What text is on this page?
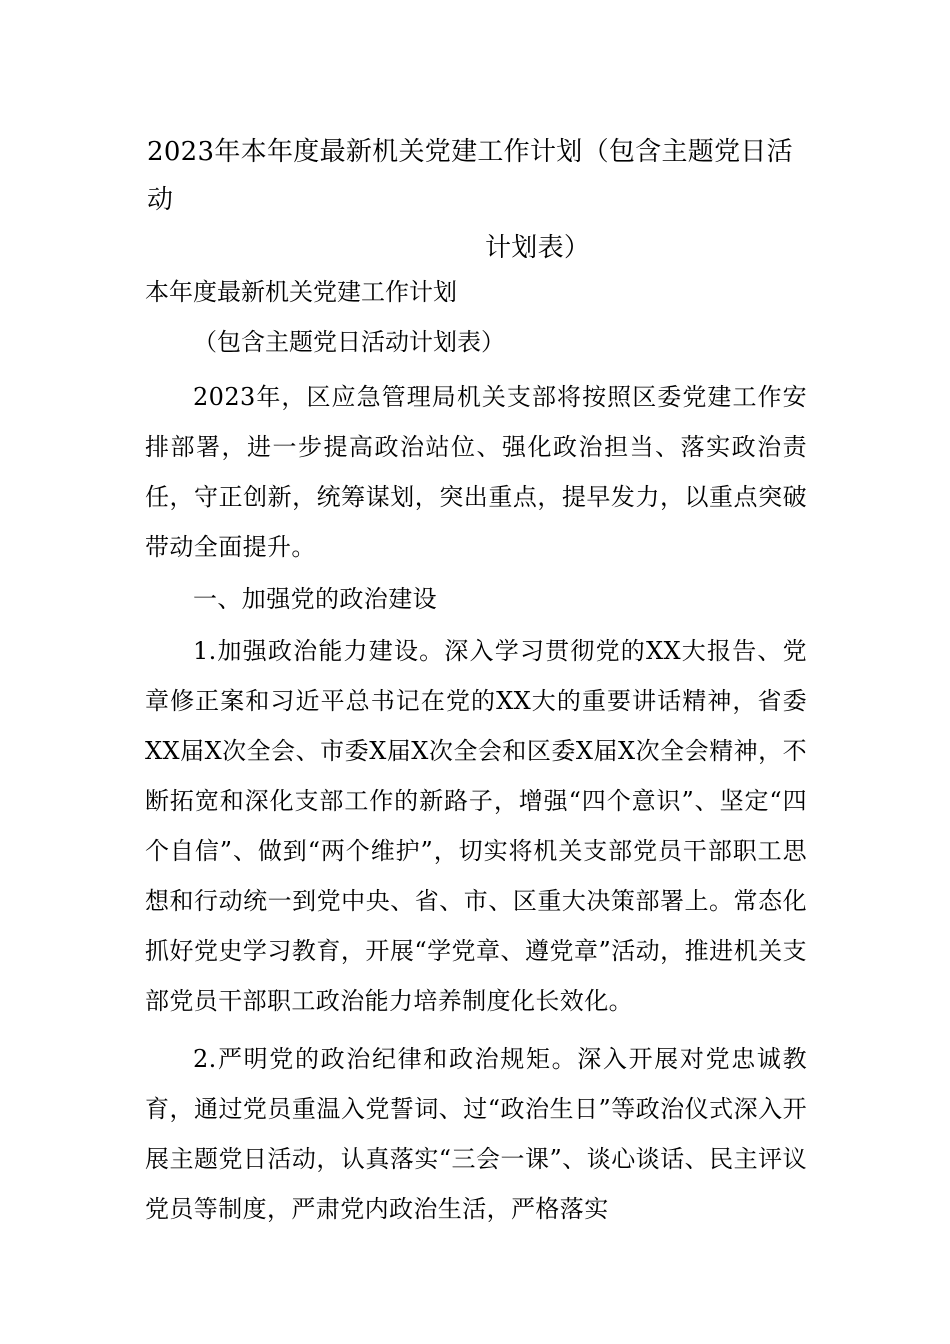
2023年本年度最新机关党建工作计划（包含主题党日活动
计划表）

本年度最新机关党建工作计划

（包含主题党日活动计划表）

2023年，区应急管理局机关支部将按照区委党建工作安排部署，进一步提高政治站位、强化政治担当、落实政治责任，守正创新，统筹谋划，突出重点，提早发力，以重点突破带动全面提升。

一、加强党的政治建设

1.加强政治能力建设。深入学习贯彻党的XX大报告、党章修正案和习近平总书记在党的XX大的重要讲话精神，省委XX届X次全会、市委X届X次全会和区委X届X次全会精神，不断拓宽和深化支部工作的新路子，增强“四个意识”、坚定“四个自信”、做到“两个维护”，切实将机关支部党员干部职工思想和行动统一到党中央、省、市、区重大决策部署上。常态化抓好党史学习教育，开展“学党章、遵党章”活动，推进机关支部党员干部职工政治能力培养制度化长效化。

2.严明党的政治纪律和政治规矩。深入开展对党忠诚教育，通过党员重温入党誓词、过“政治生日”等政治仪式深入开展主题党日活动，认真落实“三会一课”、谈心谈话、民主评议党员等制度，严肃党内政治生活，严格落实
